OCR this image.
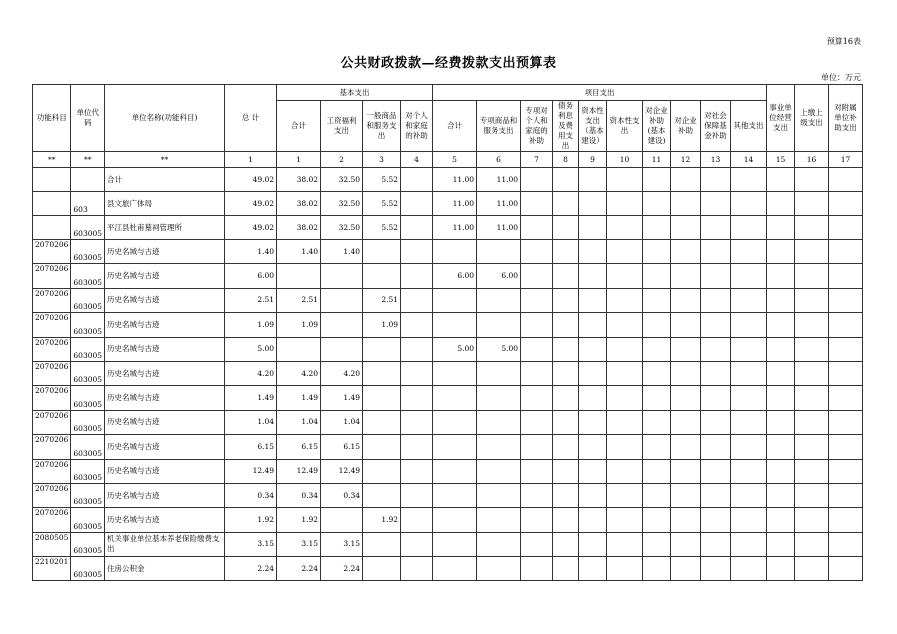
预算16表
公共财政拨款—经费拨款支出预算表
单位：万元
功能科目	单位代码	单位名称(功能科目)	总 计	基本支出				项目支出										事业单位经营支出	上缴上级支出	对附属单位补助支出
				合计	工资福利支出	一般商品和服务支出	对个人和家庭的补助	合计	专项商品和服务支出	专项对个人和家庭的补助	债务利息及费用支出	资本性支出（基本建设）	资本性支出	对企业补助(基本建设)	对企业补助	对社会保障基金补助	其他支出			
**	**	**	1	1	2	3	4	5	6	7	8	9	10	11	12	13	14	15	16	17
		合计	49.02	38.02	32.50	5.52		11.00	11.00											
	603	县文旅广体局	49.02	38.02	32.50	5.52		11.00	11.00											
	603005	平江县杜甫墓祠管理所	49.02	38.02	32.50	5.52		11.00	11.00											
2070206	603005	历史名城与古迹	1.40	1.40	1.40															
2070206	603005	历史名城与古迹	6.00					6.00	6.00											
2070206	603005	历史名城与古迹	2.51	2.51		2.51														
2070206	603005	历史名城与古迹	1.09	1.09		1.09														
2070206	603005	历史名城与古迹	5.00					5.00	5.00											
2070206	603005	历史名城与古迹	4.20	4.20	4.20															
2070206	603005	历史名城与古迹	1.49	1.49	1.49															
2070206	603005	历史名城与古迹	1.04	1.04	1.04															
2070206	603005	历史名城与古迹	6.15	6.15	6.15															
2070206	603005	历史名城与古迹	12.49	12.49	12.49															
2070206	603005	历史名城与古迹	0.34	0.34	0.34															
2070206	603005	历史名城与古迹	1.92	1.92		1.92														
2080505	603005	机关事业单位基本养老保险缴费支出	3.15	3.15	3.15															
2210201	603005	住房公积金	2.24	2.24	2.24															
